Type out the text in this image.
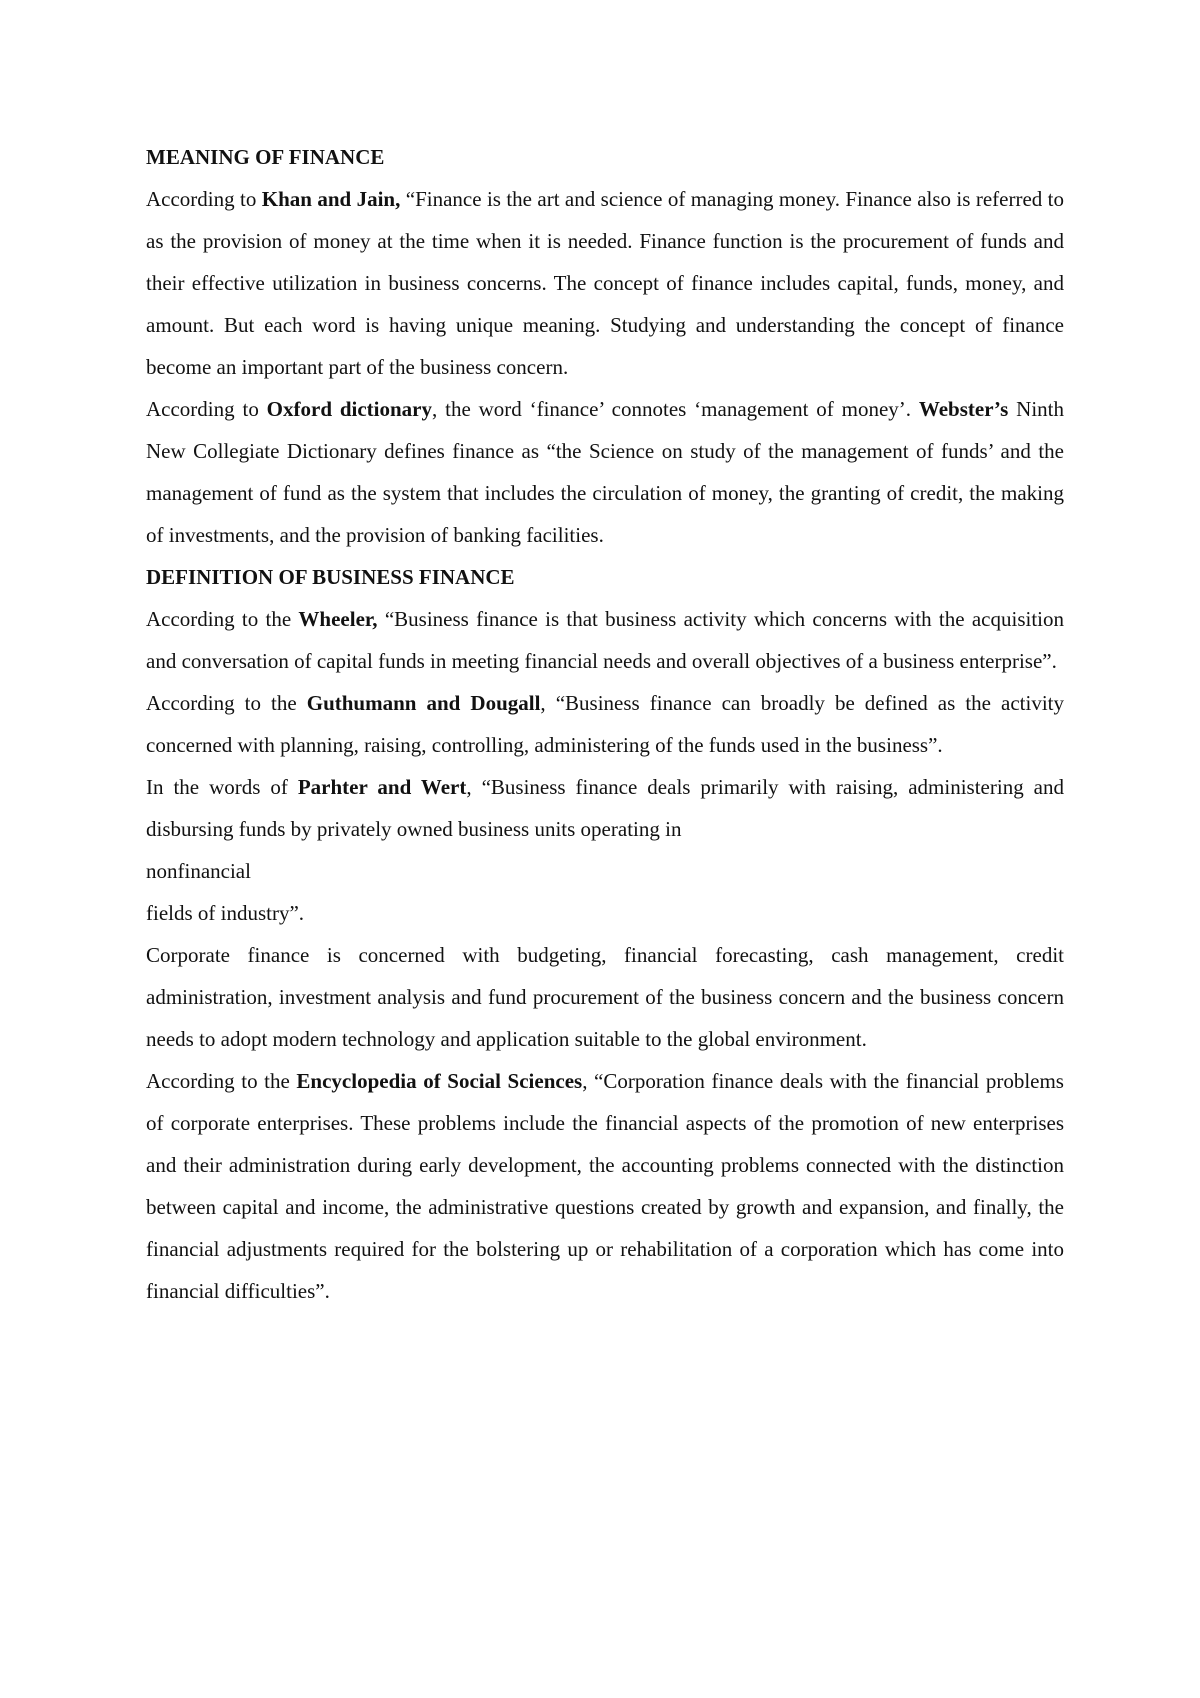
MEANING OF FINANCE

According to Khan and Jain, “Finance is the art and science of managing money. Finance also is referred to as the provision of money at the time when it is needed. Finance function is the procurement of funds and their effective utilization in business concerns. The concept of finance includes capital, funds, money, and amount. But each word is having unique meaning. Studying and understanding the concept of finance become an important part of the business concern.

According to Oxford dictionary, the word ‘finance’ connotes ‘management of money’. Webster’s Ninth New Collegiate Dictionary defines finance as “the Science on study of the management of funds’ and the management of fund as the system that includes the circulation of money, the granting of credit, the making of investments, and the provision of banking facilities.

DEFINITION OF BUSINESS FINANCE

According to the Wheeler, “Business finance is that business activity which concerns with the acquisition and conversation of capital funds in meeting financial needs and overall objectives of a business enterprise”.

According to the Guthumann and Dougall, “Business finance can broadly be defined as the activity concerned with planning, raising, controlling, administering of the funds used in the business”.

In the words of Parhter and Wert, “Business finance deals primarily with raising, administering and disbursing funds by privately owned business units operating in

nonfinancial

fields of industry”.

Corporate finance is concerned with budgeting, financial forecasting, cash management, credit administration, investment analysis and fund procurement of the business concern and the business concern needs to adopt modern technology and application suitable to the global environment.

According to the Encyclopedia of Social Sciences, “Corporation finance deals with the financial problems of corporate enterprises. These problems include the financial aspects of the promotion of new enterprises and their administration during early development, the accounting problems connected with the distinction between capital and income, the administrative questions created by growth and expansion, and finally, the financial adjustments required for the bolstering up or rehabilitation of a corporation which has come into financial difficulties”.
